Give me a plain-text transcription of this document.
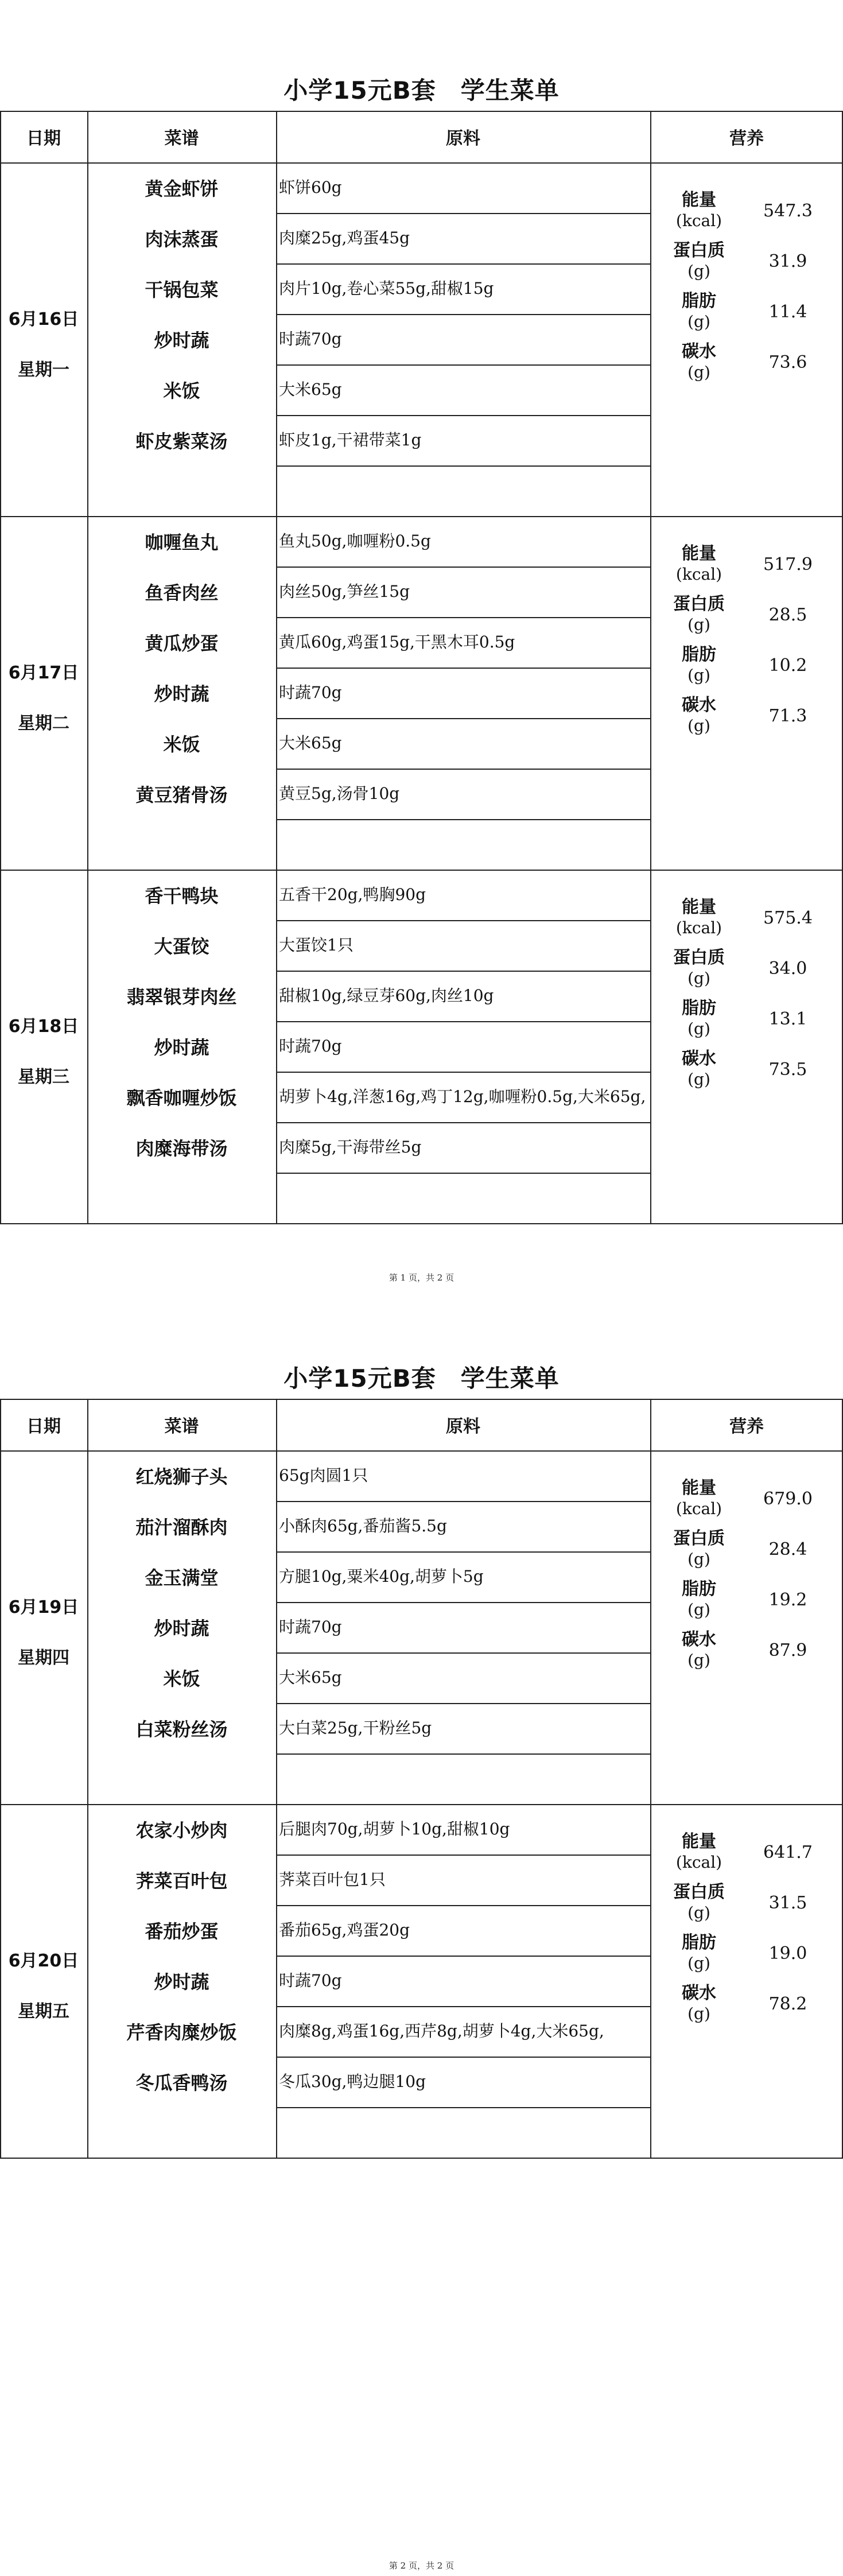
小学15元B套　学生菜单
日期	菜谱	原料	营养
6月16日
星期一
黄金虾饼	虾饼60g
肉沫蒸蛋	肉糜25g,鸡蛋45g
干锅包菜	肉片10g,卷心菜55g,甜椒15g
炒时蔬	时蔬70g
米饭	大米65g
虾皮紫菜汤	虾皮1g,干裙带菜1g
能量
(kcal)	547.3
蛋白质
(g)	31.9
脂肪
(g)	11.4
碳水
(g)	73.6
6月17日
星期二
咖喱鱼丸	鱼丸50g,咖喱粉0.5g
鱼香肉丝	肉丝50g,笋丝15g
黄瓜炒蛋	黄瓜60g,鸡蛋15g,干黑木耳0.5g
炒时蔬	时蔬70g
米饭	大米65g
黄豆猪骨汤	黄豆5g,汤骨10g
能量
(kcal)	517.9
蛋白质
(g)	28.5
脂肪
(g)	10.2
碳水
(g)	71.3
6月18日
星期三
香干鸭块	五香干20g,鸭胸90g
大蛋饺	大蛋饺1只
翡翠银芽肉丝	甜椒10g,绿豆芽60g,肉丝10g
炒时蔬	时蔬70g
飘香咖喱炒饭	胡萝卜4g,洋葱16g,鸡丁12g,咖喱粉0.5g,大米65g,
肉糜海带汤	肉糜5g,干海带丝5g
能量
(kcal)	575.4
蛋白质
(g)	34.0
脂肪
(g)	13.1
碳水
(g)	73.5
第 1 页，共 2 页
小学15元B套　学生菜单
日期	菜谱	原料	营养
6月19日
星期四
红烧狮子头	65g肉圆1只
茄汁溜酥肉	小酥肉65g,番茄酱5.5g
金玉满堂	方腿10g,粟米40g,胡萝卜5g
炒时蔬	时蔬70g
米饭	大米65g
白菜粉丝汤	大白菜25g,干粉丝5g
能量
(kcal)	679.0
蛋白质
(g)	28.4
脂肪
(g)	19.2
碳水
(g)	87.9
6月20日
星期五
农家小炒肉	后腿肉70g,胡萝卜10g,甜椒10g
荠菜百叶包	荠菜百叶包1只
番茄炒蛋	番茄65g,鸡蛋20g
炒时蔬	时蔬70g
芹香肉糜炒饭	肉糜8g,鸡蛋16g,西芹8g,胡萝卜4g,大米65g,
冬瓜香鸭汤	冬瓜30g,鸭边腿10g
能量
(kcal)	641.7
蛋白质
(g)	31.5
脂肪
(g)	19.0
碳水
(g)	78.2
第 2 页，共 2 页
